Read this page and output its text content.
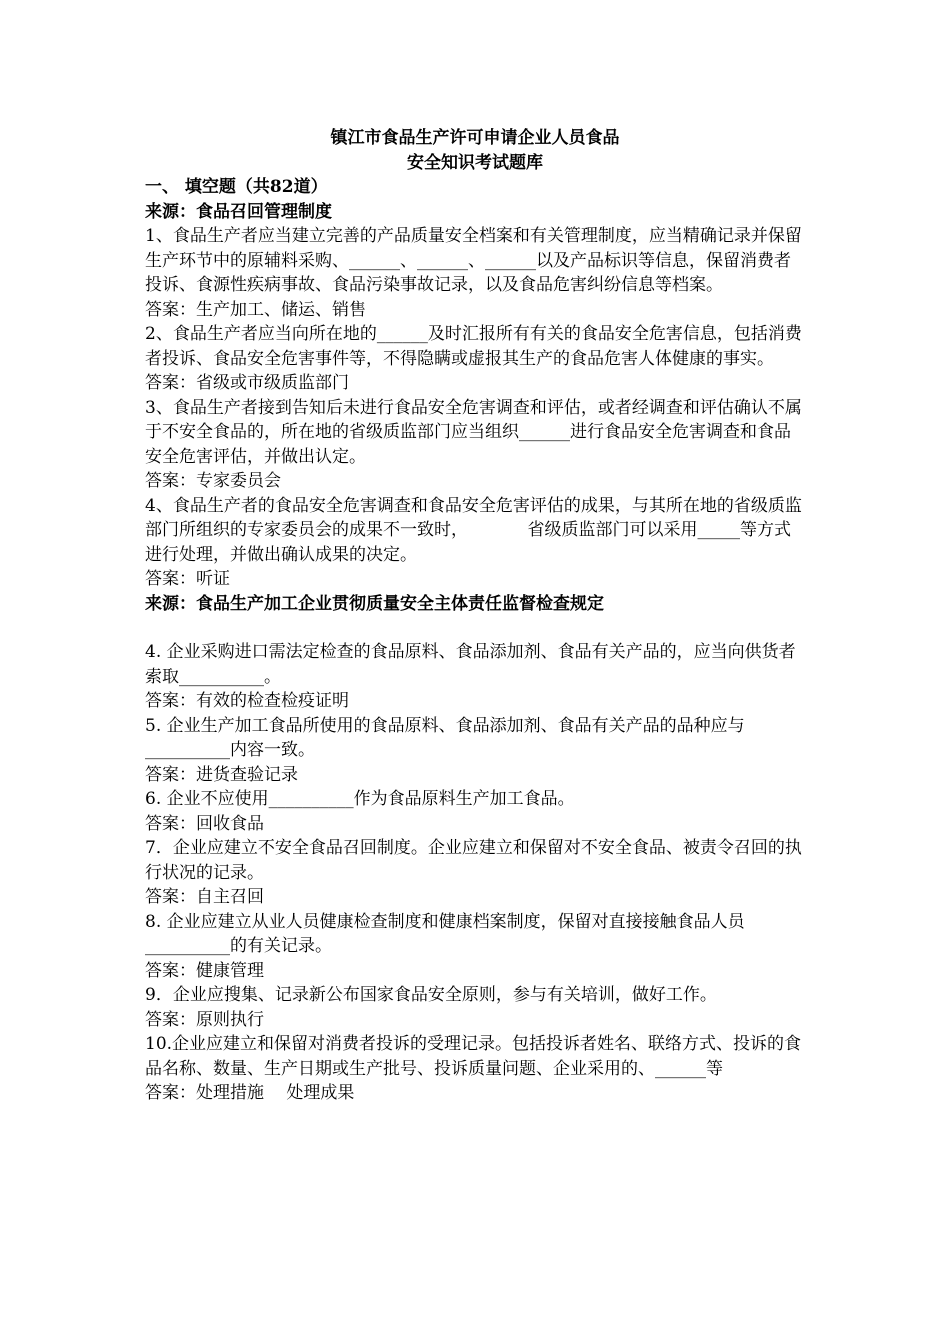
镇江市食品生产许可申请企业人员食品
安全知识考试题库

一、 填空题（共82道）

来源：食品召回管理制度

1、食品生产者应当建立完善的产品质量安全档案和有关管理制度，应当精确记录并保留生产环节中的原辅料采购、______、______、______以及产品标识等信息，保留消费者投诉、食源性疾病事故、食品污染事故记录，以及食品危害纠纷信息等档案。

答案：生产加工、储运、销售

2、食品生产者应当向所在地的______及时汇报所有有关的食品安全危害信息，包括消费者投诉、食品安全危害事件等，不得隐瞒或虚报其生产的食品危害人体健康的事实。

答案：省级或市级质监部门

3、食品生产者接到告知后未进行食品安全危害调查和评估，或者经调查和评估确认不属于不安全食品的，所在地的省级质监部门应当组织______进行食品安全危害调查和食品安全危害评估，并做出认定。

答案：专家委员会

4、食品生产者的食品安全危害调查和食品安全危害评估的成果，与其所在地的省级质监部门所组织的专家委员会的成果不一致时，　　　　省级质监部门可以采用_____等方式进行处理，并做出确认成果的决定。

答案：听证

来源：食品生产加工企业贯彻质量安全主体责任监督检查规定

4. 企业采购进口需法定检查的食品原料、食品添加剂、食品有关产品的，应当向供货者索取__________。

答案：有效的检查检疫证明

5. 企业生产加工食品所使用的食品原料、食品添加剂、食品有关产品的品种应与__________内容一致。

答案：进货查验记录

6. 企业不应使用__________作为食品原料生产加工食品。

答案：回收食品

7．企业应建立不安全食品召回制度。企业应建立和保留对不安全食品、被责令召回的执行状况的记录。

答案：自主召回

8. 企业应建立从业人员健康检查制度和健康档案制度，保留对直接接触食品人员__________的有关记录。

答案：健康管理

9．企业应搜集、记录新公布国家食品安全原则，参与有关培训，做好工作。

答案：原则执行

10.企业应建立和保留对消费者投诉的受理记录。包括投诉者姓名、联络方式、投诉的食品名称、数量、生产日期或生产批号、投诉质量问题、企业采用的、______等

答案：处理措施　 处理成果
